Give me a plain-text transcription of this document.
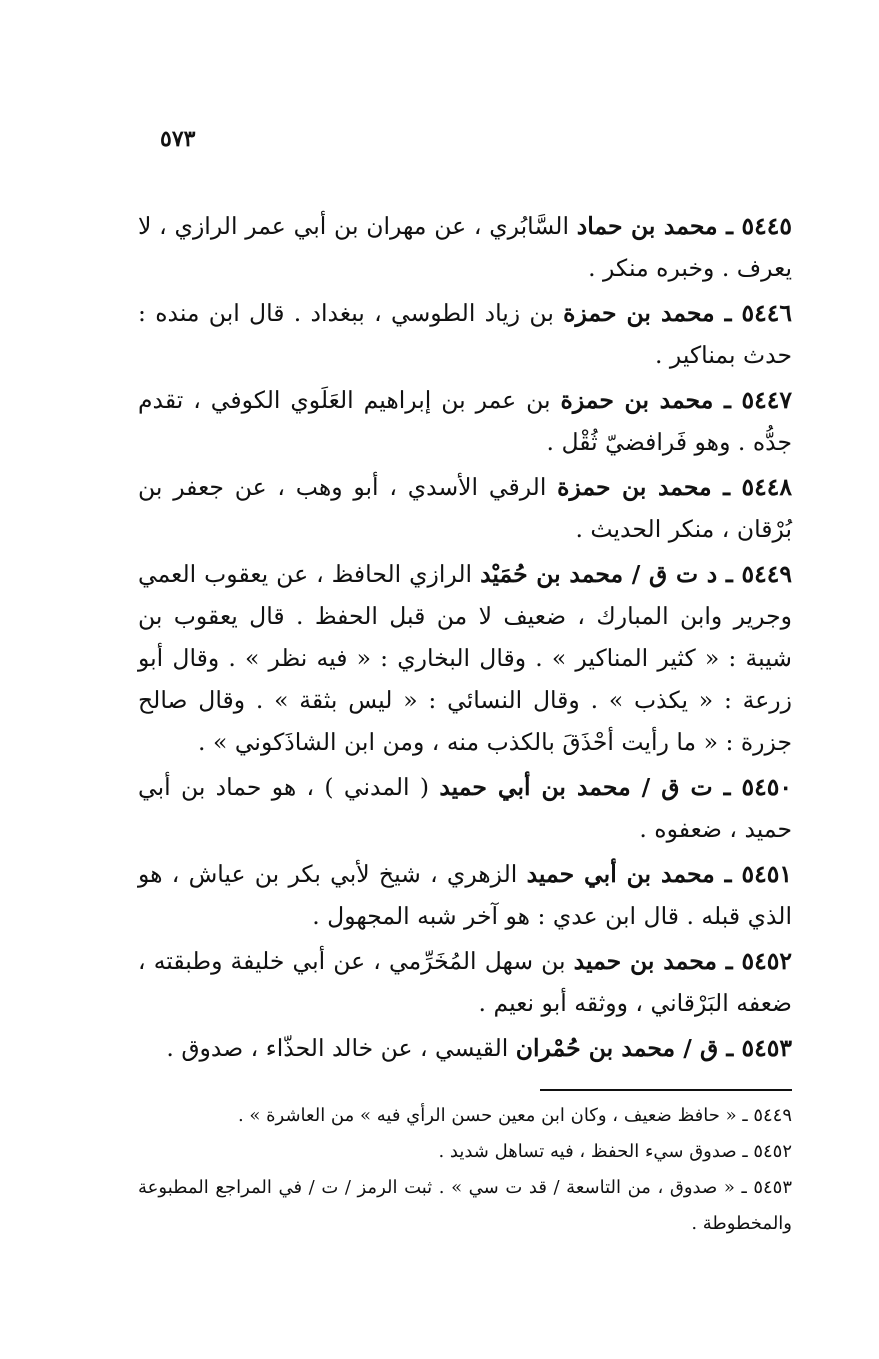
٥٧٣

٥٤٤٥ ـ محمد بن حماد السَّابُري ، عن مهران بن أبي عمر الرازي ، لا يعرف . وخبره منكر .

٥٤٤٦ ـ محمد بن حمزة بن زياد الطوسي ، ببغداد . قال ابن منده : حدث بمناكير .

٥٤٤٧ ـ محمد بن حمزة بن عمر بن إبراهيم العَلَوي الكوفي ، تقدم جدُّه . وهو فَرافضيّ ثُقْل .

٥٤٤٨ ـ محمد بن حمزة الرقي الأسدي ، أبو وهب ، عن جعفر بن بُرْقان ، منكر الحديث .

٥٤٤٩ ـ د ت ق / محمد بن حُمَيْد الرازي الحافظ ، عن يعقوب العمي وجرير وابن المبارك ، ضعيف لا من قبل الحفظ . قال يعقوب بن شيبة : « كثير المناكير » . وقال البخاري : « فيه نظر » . وقال أبو زرعة : « يكذب » . وقال النسائي : « ليس بثقة » . وقال صالح جزرة : « ما رأيت أحْذَقَ بالكذب منه ، ومن ابن الشاذَكوني » .

٥٤٥٠ ـ ت ق / محمد بن أبي حميد ( المدني ) ، هو حماد بن أبي حميد ، ضعفوه .

٥٤٥١ ـ محمد بن أبي حميد الزهري ، شيخ لأبي بكر بن عياش ، هو الذي قبله . قال ابن عدي : هو آخر شبه المجهول .

٥٤٥٢ ـ محمد بن حميد بن سهل المُخَرِّمي ، عن أبي خليفة وطبقته ، ضعفه البَرْقاني ، ووثقه أبو نعيم .

٥٤٥٣ ـ ق / محمد بن حُمْران القيسي ، عن خالد الحذّاء ، صدوق .

٥٤٤٩ ـ « حافظ ضعيف ، وكان ابن معين حسن الرأي فيه » من العاشرة » .

٥٤٥٢ ـ صدوق سيء الحفظ ، فيه تساهل شديد .

٥٤٥٣ ـ « صدوق ، من التاسعة / قد ت سي » . ثبت الرمز / ت / في المراجع المطبوعة والمخطوطة .
